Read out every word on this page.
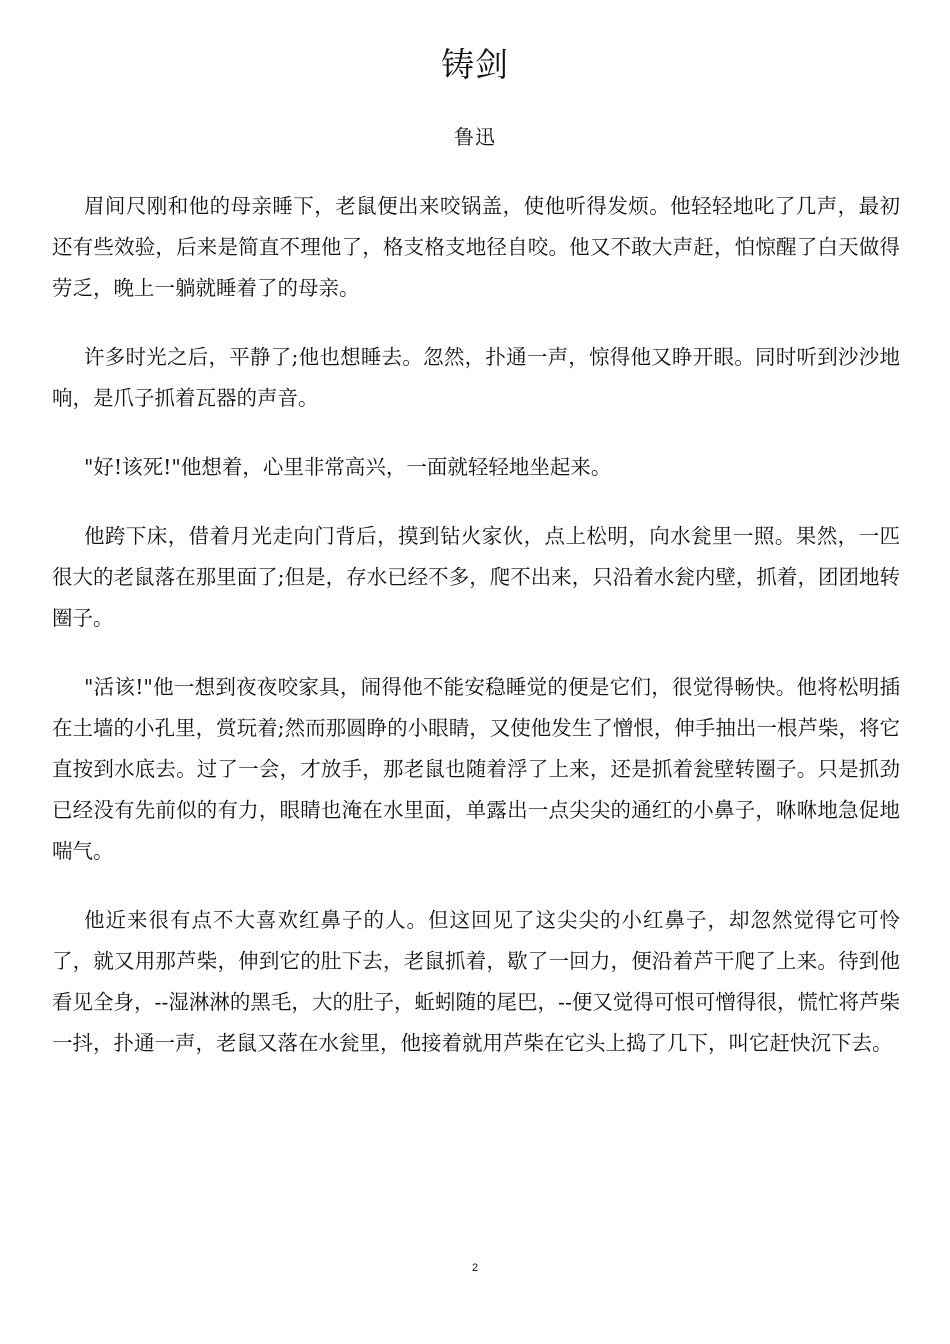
铸剑
鲁迅

眉间尺刚和他的母亲睡下，老鼠便出来咬锅盖，使他听得发烦。他轻轻地叱了几声，最初还有些效验，后来是简直不理他了，格支格支地径自咬。他又不敢大声赶，怕惊醒了白天做得劳乏，晚上一躺就睡着了的母亲。

许多时光之后，平静了;他也想睡去。忽然，扑通一声，惊得他又睁开眼。同时听到沙沙地响，是爪子抓着瓦器的声音。

"好!该死!"他想着，心里非常高兴，一面就轻轻地坐起来。

他跨下床，借着月光走向门背后，摸到钻火家伙，点上松明，向水瓮里一照。果然，一匹很大的老鼠落在那里面了;但是，存水已经不多，爬不出来，只沿着水瓮内壁，抓着，团团地转圈子。

"活该!"他一想到夜夜咬家具，闹得他不能安稳睡觉的便是它们，很觉得畅快。他将松明插在土墙的小孔里，赏玩着;然而那圆睁的小眼睛，又使他发生了憎恨，伸手抽出一根芦柴，将它直按到水底去。过了一会，才放手，那老鼠也随着浮了上来，还是抓着瓮壁转圈子。只是抓劲已经没有先前似的有力，眼睛也淹在水里面，单露出一点尖尖的通红的小鼻子，咻咻地急促地喘气。

他近来很有点不大喜欢红鼻子的人。但这回见了这尖尖的小红鼻子，却忽然觉得它可怜了，就又用那芦柴，伸到它的肚下去，老鼠抓着，歇了一回力，便沿着芦干爬了上来。待到他看见全身，--湿淋淋的黑毛，大的肚子，蚯蚓随的尾巴，--便又觉得可恨可憎得很，慌忙将芦柴一抖，扑通一声，老鼠又落在水瓮里，他接着就用芦柴在它头上捣了几下，叫它赶快沉下去。

2
